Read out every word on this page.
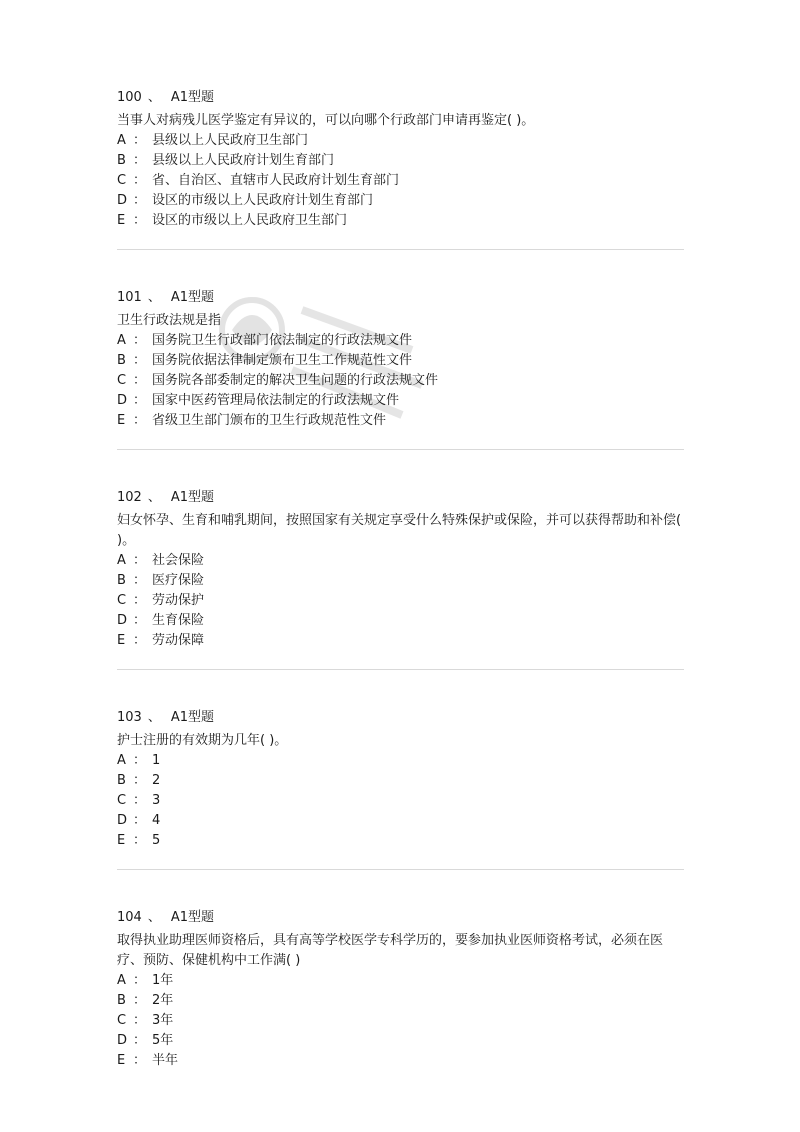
100 、 A1型题
当事人对病残儿医学鉴定有异议的，可以向哪个行政部门申请再鉴定( )。
A ： 县级以上人民政府卫生部门
B ： 县级以上人民政府计划生育部门
C ： 省、自治区、直辖市人民政府计划生育部门
D ： 设区的市级以上人民政府计划生育部门
E ： 设区的市级以上人民政府卫生部门
101 、 A1型题
卫生行政法规是指
A ： 国务院卫生行政部门依法制定的行政法规文件
B ： 国务院依据法律制定颁布卫生工作规范性文件
C ： 国务院各部委制定的解决卫生问题的行政法规文件
D ： 国家中医药管理局依法制定的行政法规文件
E ： 省级卫生部门颁布的卫生行政规范性文件
102 、 A1型题
妇女怀孕、生育和哺乳期间，按照国家有关规定享受什么特殊保护或保险，并可以获得帮助和补偿( )。
A ： 社会保险
B ： 医疗保险
C ： 劳动保护
D ： 生育保险
E ： 劳动保障
103 、 A1型题
护士注册的有效期为几年( )。
A ： 1
B ： 2
C ： 3
D ： 4
E ： 5
104 、 A1型题
取得执业助理医师资格后，具有高等学校医学专科学历的，要参加执业医师资格考试，必须在医疗、预防、保健机构中工作满( )
A ： 1年
B ： 2年
C ： 3年
D ： 5年
E ： 半年
